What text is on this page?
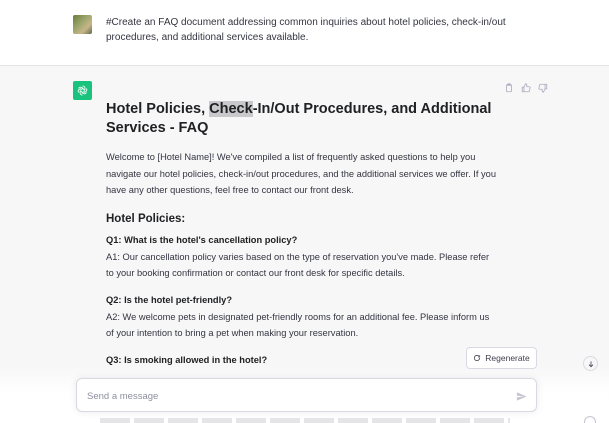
#Create an FAQ document addressing common inquiries about hotel policies, check-in/out procedures, and additional services available.
Hotel Policies, Check-In/Out Procedures, and Additional Services - FAQ

Welcome to [Hotel Name]! We've compiled a list of frequently asked questions to help you navigate our hotel policies, check-in/out procedures, and the additional services we offer. If you have any other questions, feel free to contact our front desk.

Hotel Policies:
Q1: What is the hotel's cancellation policy?

A1: Our cancellation policy varies based on the type of reservation you've made. Please refer to your booking confirmation or contact our front desk for specific details.

Q2: Is the hotel pet-friendly?

A2: We welcome pets in designated pet-friendly rooms for an additional fee. Please inform us of your intention to bring a pet when making your reservation.

Q3: Is smoking allowed in the hotel?	Regenerate
Send a message
